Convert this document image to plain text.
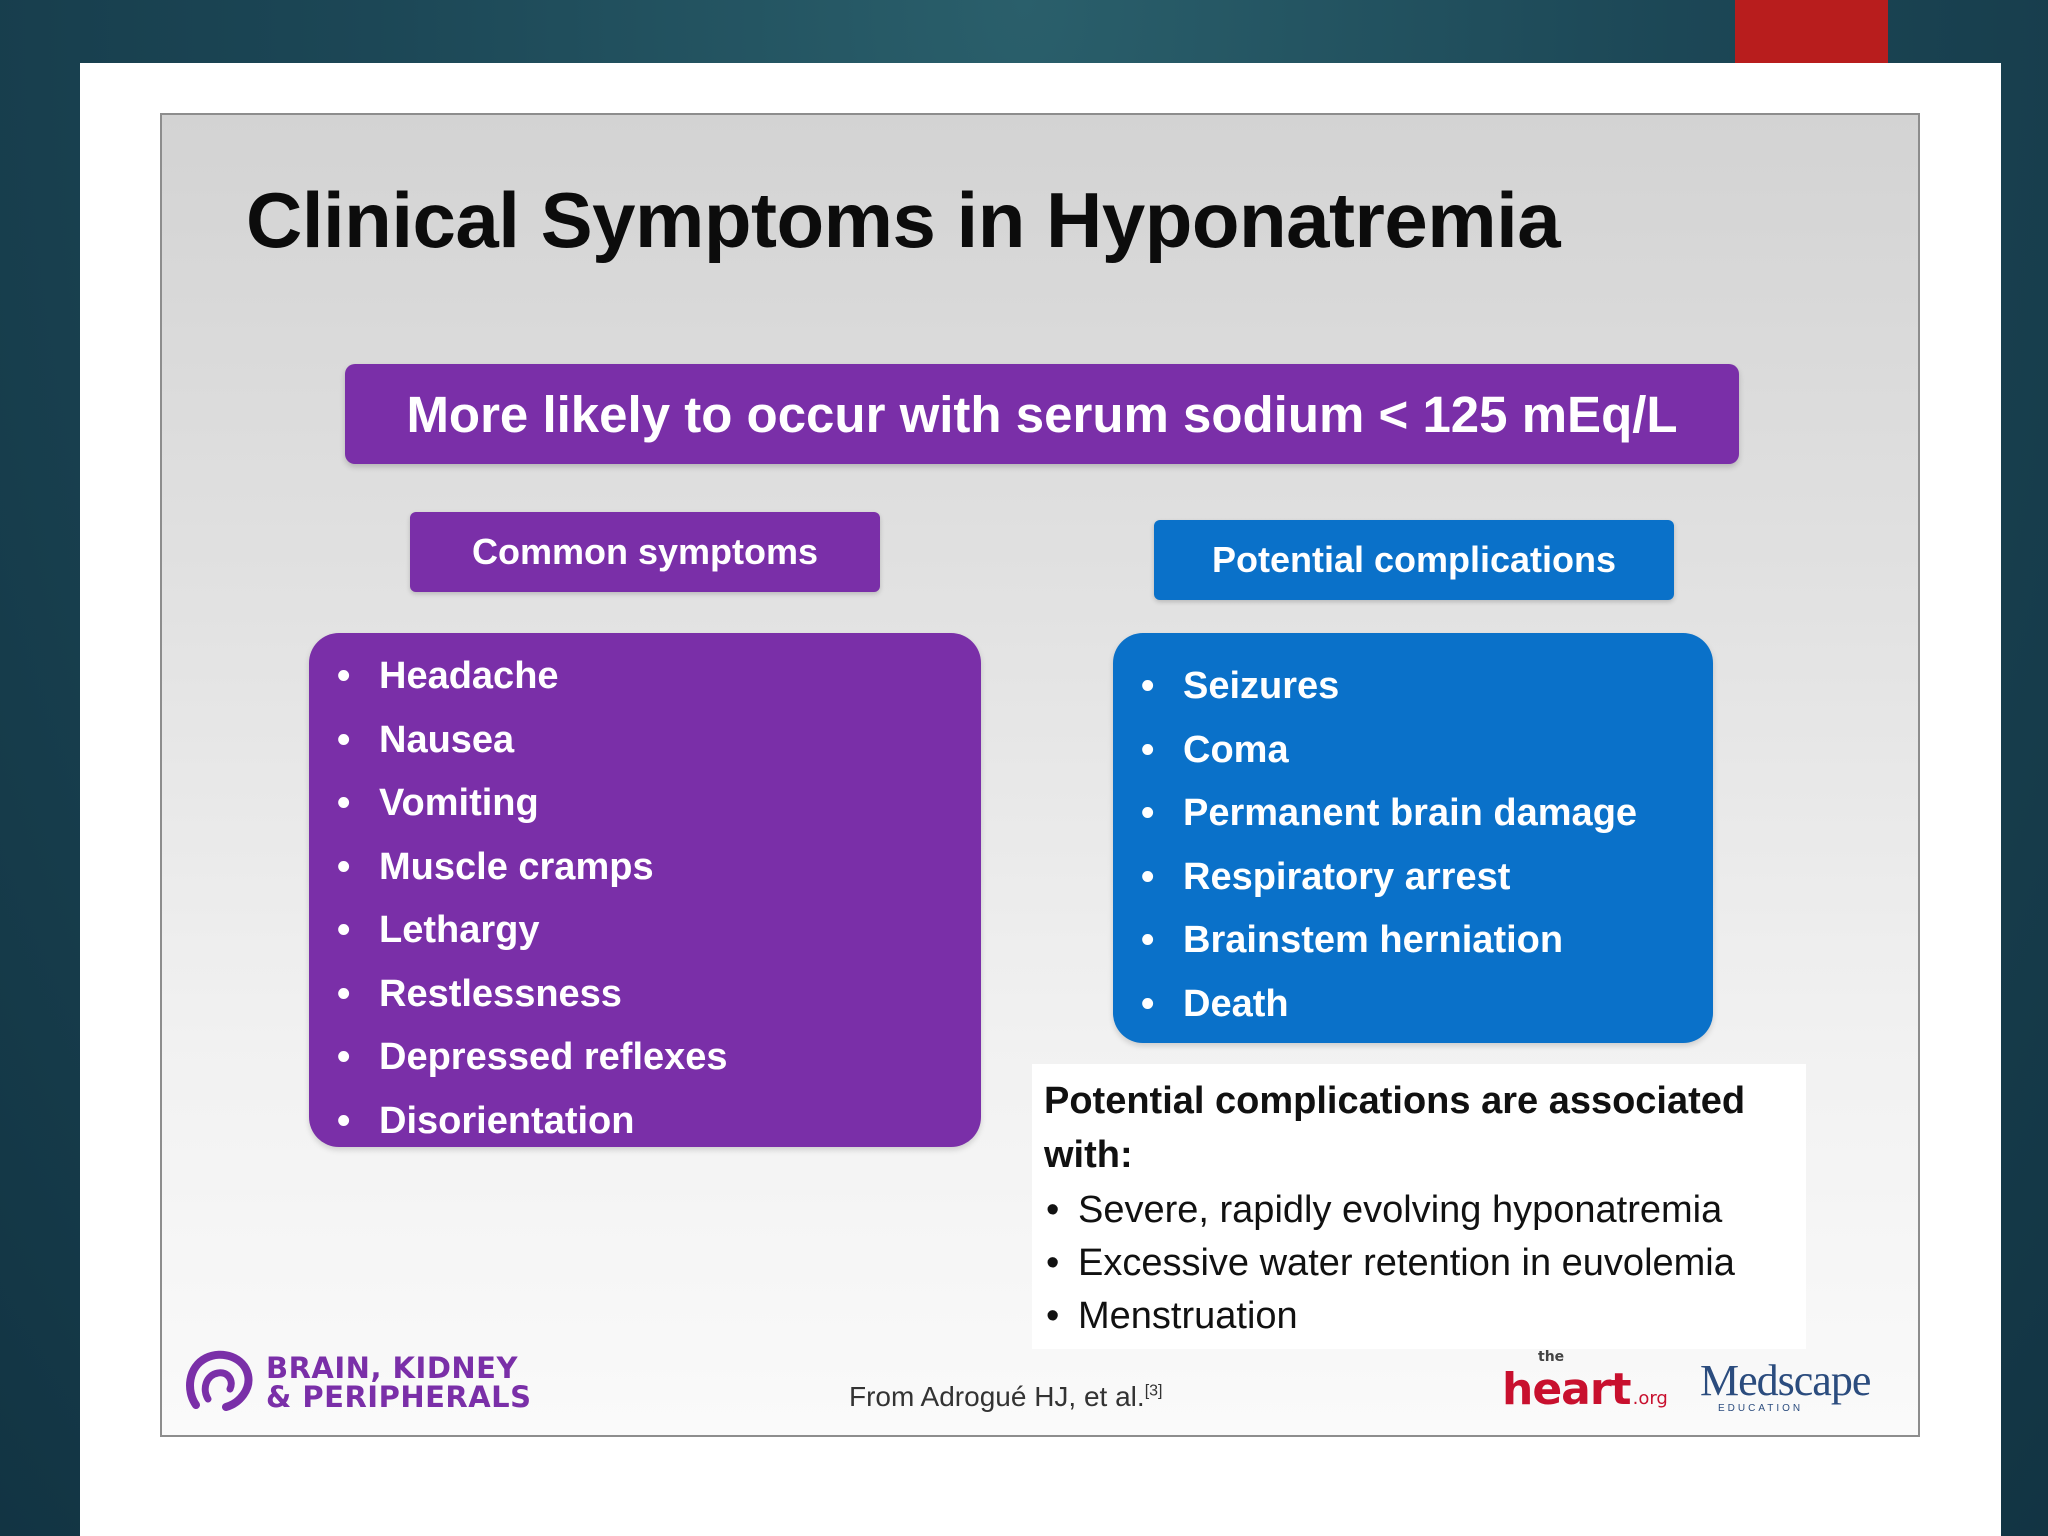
Clinical Symptoms in Hyponatremia
More likely to occur with serum sodium < 125 mEq/L
Common symptoms	Potential complications
• Headache
• Nausea
• Vomiting
• Muscle cramps
• Lethargy
• Restlessness
• Depressed reflexes
• Disorientation
• Seizures
• Coma
• Permanent brain damage
• Respiratory arrest
• Brainstem herniation
• Death
Potential complications are associated with:
• Severe, rapidly evolving hyponatremia
• Excessive water retention in euvolemia
• Menstruation
BRAIN, KIDNEY
& PERIPHERALS	From Adrogué HJ, et al.[3]
the
heart .org Medscape
EDUCATION
